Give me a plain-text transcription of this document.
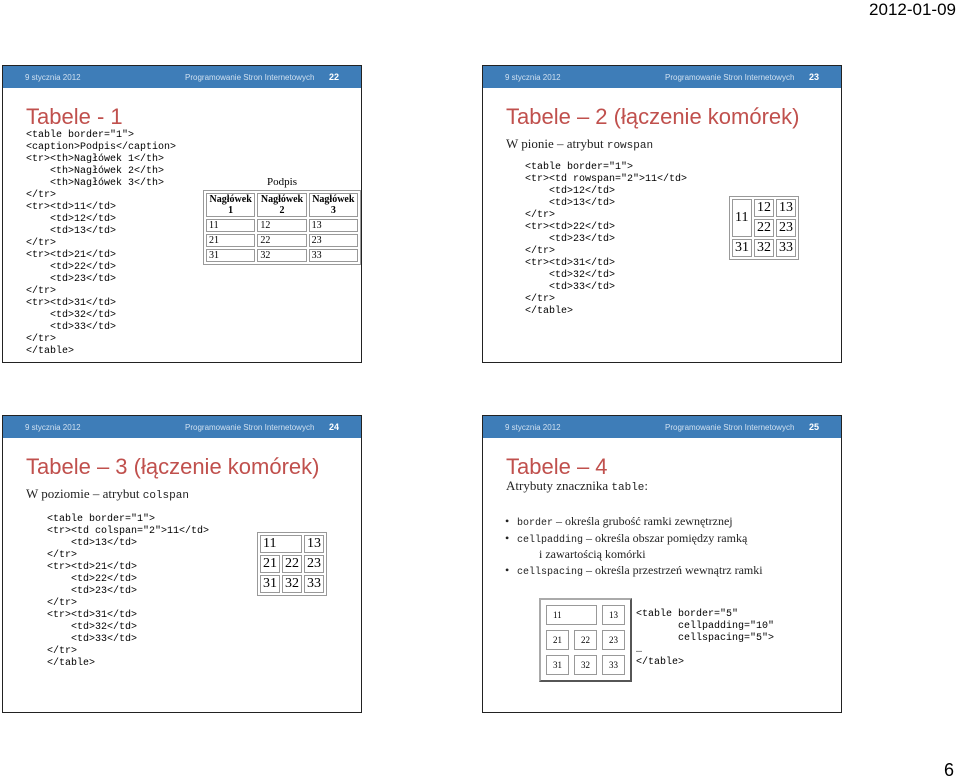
2012-01-09
9 stycznia 2012	Programowanie Stron Internetowych 22
Tabele - 1
<table border="1">
<caption>Podpis</caption>
<tr><th>Nagłówek 1</th>
<th>Nagłówek 2</th>
<th>Nagłówek 3</th>
</tr>
<tr><td>11</td>
<td>12</td>
<td>13</td>
</tr>
<tr><td>21</td>
<td>22</td>
<td>23</td>
</tr>
<tr><td>31</td>
<td>32</td>
<td>33</td>
</tr>
</table>
Podpis
Nagłówek 1	Nagłówek 2	Nagłówek 3
11	12	13
21	22	23
31	32	33
9 stycznia 2012	Programowanie Stron Internetowych 23
Tabele – 2 (łączenie komórek)
W pionie – atrybut rowspan
<table border="1">
<tr><td rowspan="2">11</td>
<td>12</td>
<td>13</td>
</tr>
<tr><td>22</td>
<td>23</td>
</tr>
<tr><td>31</td>
<td>32</td>
<td>33</td>
</tr>
</table>
11	12	13
	22	23
31	32	33
9 stycznia 2012	Programowanie Stron Internetowych 24
Tabele – 3 (łączenie komórek)
W poziomie – atrybut colspan
<table border="1">
<tr><td colspan="2">11</td>
<td>13</td>
</tr>
<tr><td>21</td>
<td>22</td>
<td>23</td>
</tr>
<tr><td>31</td>
<td>32</td>
<td>33</td>
</tr>
</table>
11		13
21	22	23
31	32	33
9 stycznia 2012	Programowanie Stron Internetowych 25
Tabele – 4
Atrybuty znacznika table:
• border – określa grubość ramki zewnętrznej
• cellpadding – określa obszar pomiędzy ramką
i zawartością komórki
• cellspacing – określa przestrzeń wewnątrz ramki
11		13
21	22	23
31	32	33
<table border="5"
cellpadding="10"
cellspacing="5">
…
</table>
6
